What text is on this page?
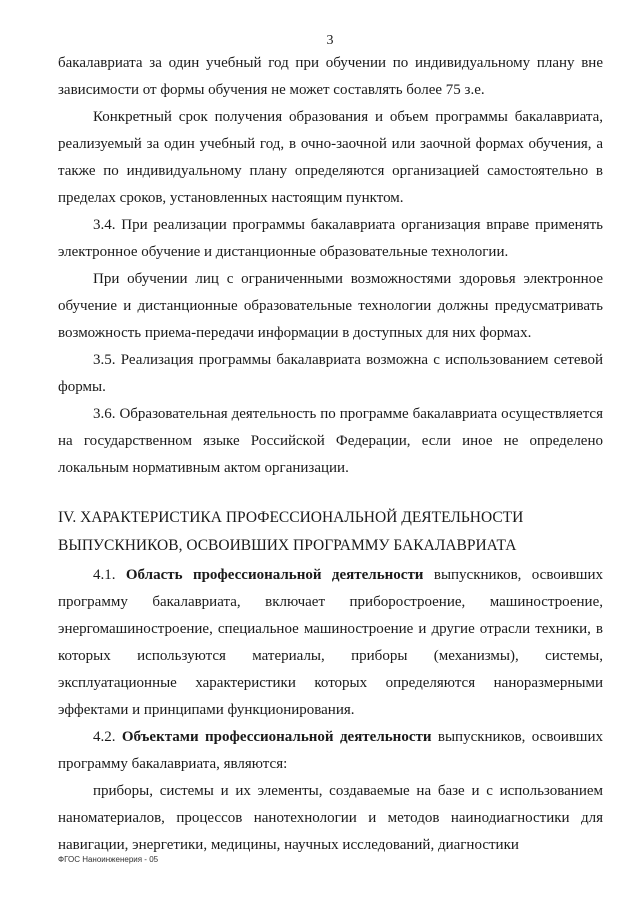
3

бакалавриата за один учебный год при обучении по индивидуальному плану вне зависимости от формы обучения не может составлять более 75 з.е.

Конкретный срок получения образования и объем программы бакалавриата, реализуемый за один учебный год, в очно-заочной или заочной формах обучения, а также по индивидуальному плану определяются организацией самостоятельно в пределах сроков, установленных настоящим пунктом.

3.4. При реализации программы бакалавриата организация вправе применять электронное обучение и дистанционные образовательные технологии.

При обучении лиц с ограниченными возможностями здоровья электронное обучение и дистанционные образовательные технологии должны предусматривать возможность приема-передачи информации в доступных для них формах.

3.5. Реализация программы бакалавриата возможна с использованием сетевой формы.

3.6. Образовательная деятельность по программе бакалавриата осуществляется на государственном языке Российской Федерации, если иное не определено локальным нормативным актом организации.

IV. ХАРАКТЕРИСТИКА ПРОФЕССИОНАЛЬНОЙ ДЕЯТЕЛЬНОСТИ
ВЫПУСКНИКОВ, ОСВОИВШИХ ПРОГРАММУ БАКАЛАВРИАТА

4.1. Область профессиональной деятельности выпускников, освоивших программу бакалавриата, включает приборостроение, машиностроение, энергомашиностроение, специальное машиностроение и другие отрасли техники, в которых используются материалы, приборы (механизмы), системы, эксплуатационные характеристики которых определяются наноразмерными эффектами и принципами функционирования.

4.2. Объектами профессиональной деятельности выпускников, освоивших программу бакалавриата, являются:

приборы, системы и их элементы, создаваемые на базе и с использованием наноматериалов, процессов нанотехнологии и методов наинодиагностики для навигации, энергетики, медицины, научных исследований, диагностики

ФГОС Наноинженерия - 05
